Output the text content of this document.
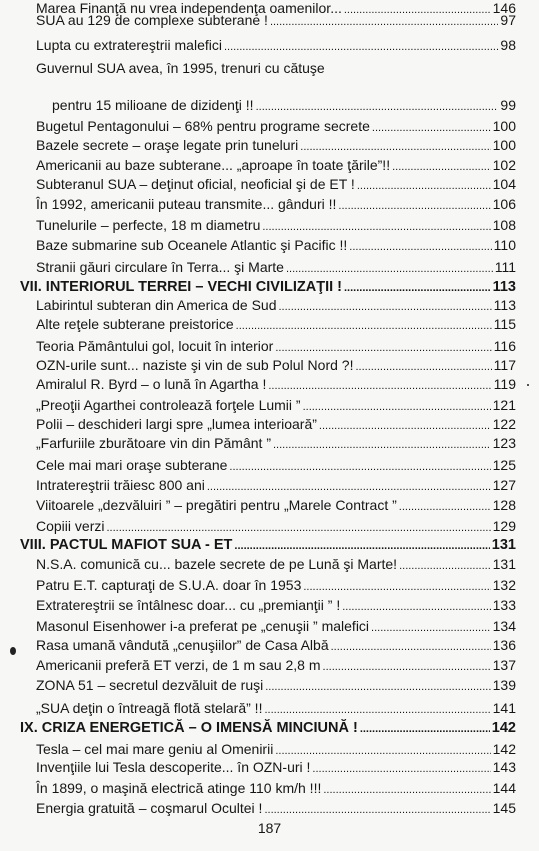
SUA au 129 de complexe subterane ! .....	97
Lupta cu extratereştrii malefici .....	98
Guvernul SUA avea, în 1995, trenuri cu cătuşe
pentru 15 milioane de dizidenţi !! .....	99
Bugetul Pentagonului – 68% pentru programe secrete .....	100
Bazele secrete – oraşe legate prin tuneluri .....	100
Americanii au baze subterane... „aproape în toate ţările”!! .....	102
Subteranul SUA – deţinut oficial, neoficial şi de ET ! .....	104
În 1992, americanii puteau transmite... gânduri !! .....	106
Tunelurile – perfecte, 18 m diametru .....	108
Baze submarine sub Oceanele Atlantic şi Pacific !! .....	110
Stranii găuri circulare în Terra... şi Marte .....	111
VII. INTERIORUL TERREI – VECHI CIVILIZAŢII ! .....	113
Labirintul subteran din America de Sud .....	113
Alte reţele subterane preistorice .....	115
Teoria Pământului gol, locuit în interior .....	116
OZN-urile sunt... naziste şi vin de sub Polul Nord ?! .....	117
Amiralul R. Byrd – o lună în Agartha ! .....	119
„Preoţii Agarthei controlează forţele Lumii ” .....	121
Polii – deschideri largi spre „lumea interioară” .....	122
„Farfuriile zburătoare vin din Pământ ” .....	123
Cele mai mari oraşe subterane .....	125
Intratereştrii trăiesc 800 ani .....	127
Viitoarele „dezvăluiri ” – pregătiri pentru „Marele Contract ” .....	128
Copiii verzi .....	129
VIII. PACTUL MAFIOT SUA - ET .....	131
N.S.A. comunică cu... bazele secrete de pe Lună şi Marte! .....	131
Patru E.T. capturaţi de S.U.A. doar în 1953 .....	132
Extratereştrii se întâlnesc doar... cu „premianţii ” ! .....	133
Masonul Eisenhower i-a preferat pe „cenuşii ” malefici .....	134
Rasa umană vândută „cenuşiilor” de Casa Albă .....	136
Americanii preferă ET verzi, de 1 m sau 2,8 m .....	137
ZONA 51 – secretul dezvăluit de ruşi .....	139
„SUA deţin o întreagă flotă stelară” !! .....	141
IX. CRIZA ENERGETICĂ – O IMENSĂ MINCIUNĂ ! .....	142
Tesla – cel mai mare geniu al Omenirii .....	142
Invenţiile lui Tesla descoperite... în OZN-uri ! .....	143
În 1899, o maşină electrică atinge 110 km/h !!! .....	144
Energia gratuită – coşmarul Ocultei ! .....	145
Marea Finanţă nu vrea independenţa oamenilor... .....	146
187
